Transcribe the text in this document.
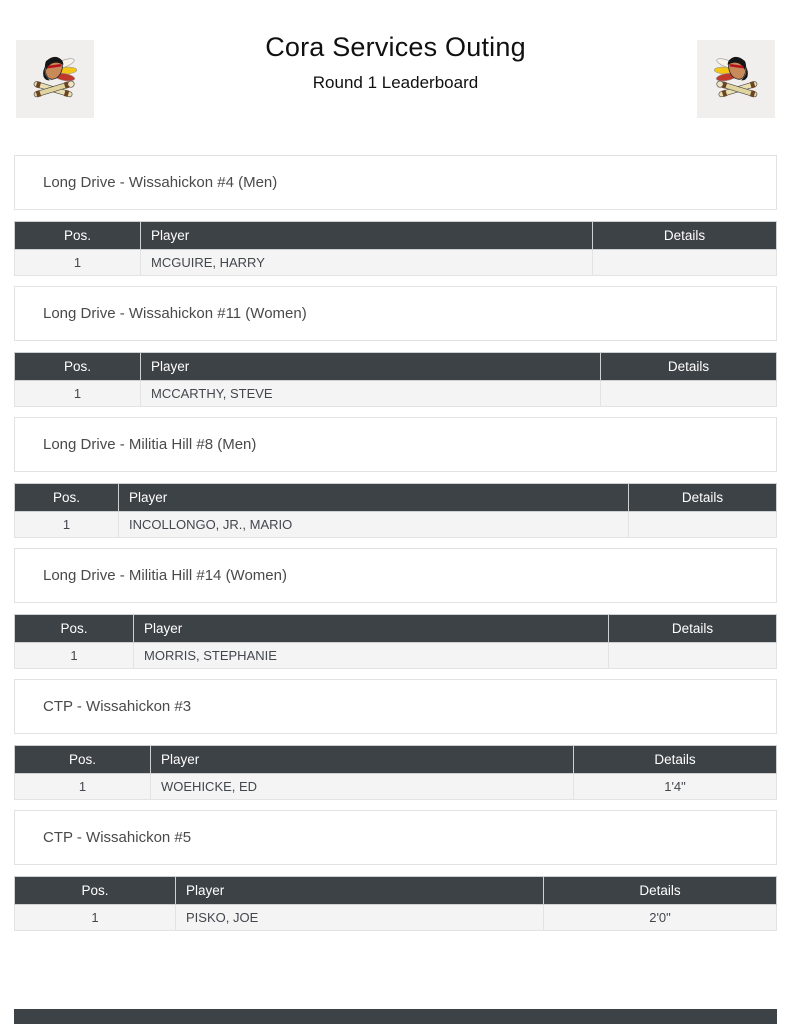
Cora Services Outing
Round 1 Leaderboard
Long Drive - Wissahickon #4 (Men)
Pos.	Player	Details
1	MCGUIRE, HARRY	
Long Drive - Wissahickon #11 (Women)
Pos.	Player	Details
1	MCCARTHY, STEVE	
Long Drive - Militia Hill #8 (Men)
Pos.	Player	Details
1	INCOLLONGO, JR., MARIO	
Long Drive - Militia Hill #14 (Women)
Pos.	Player	Details
1	MORRIS, STEPHANIE	
CTP - Wissahickon #3
Pos.	Player	Details
1	WOEHICKE, ED	1'4"
CTP - Wissahickon #5
Pos.	Player	Details
1	PISKO, JOE	2'0"
